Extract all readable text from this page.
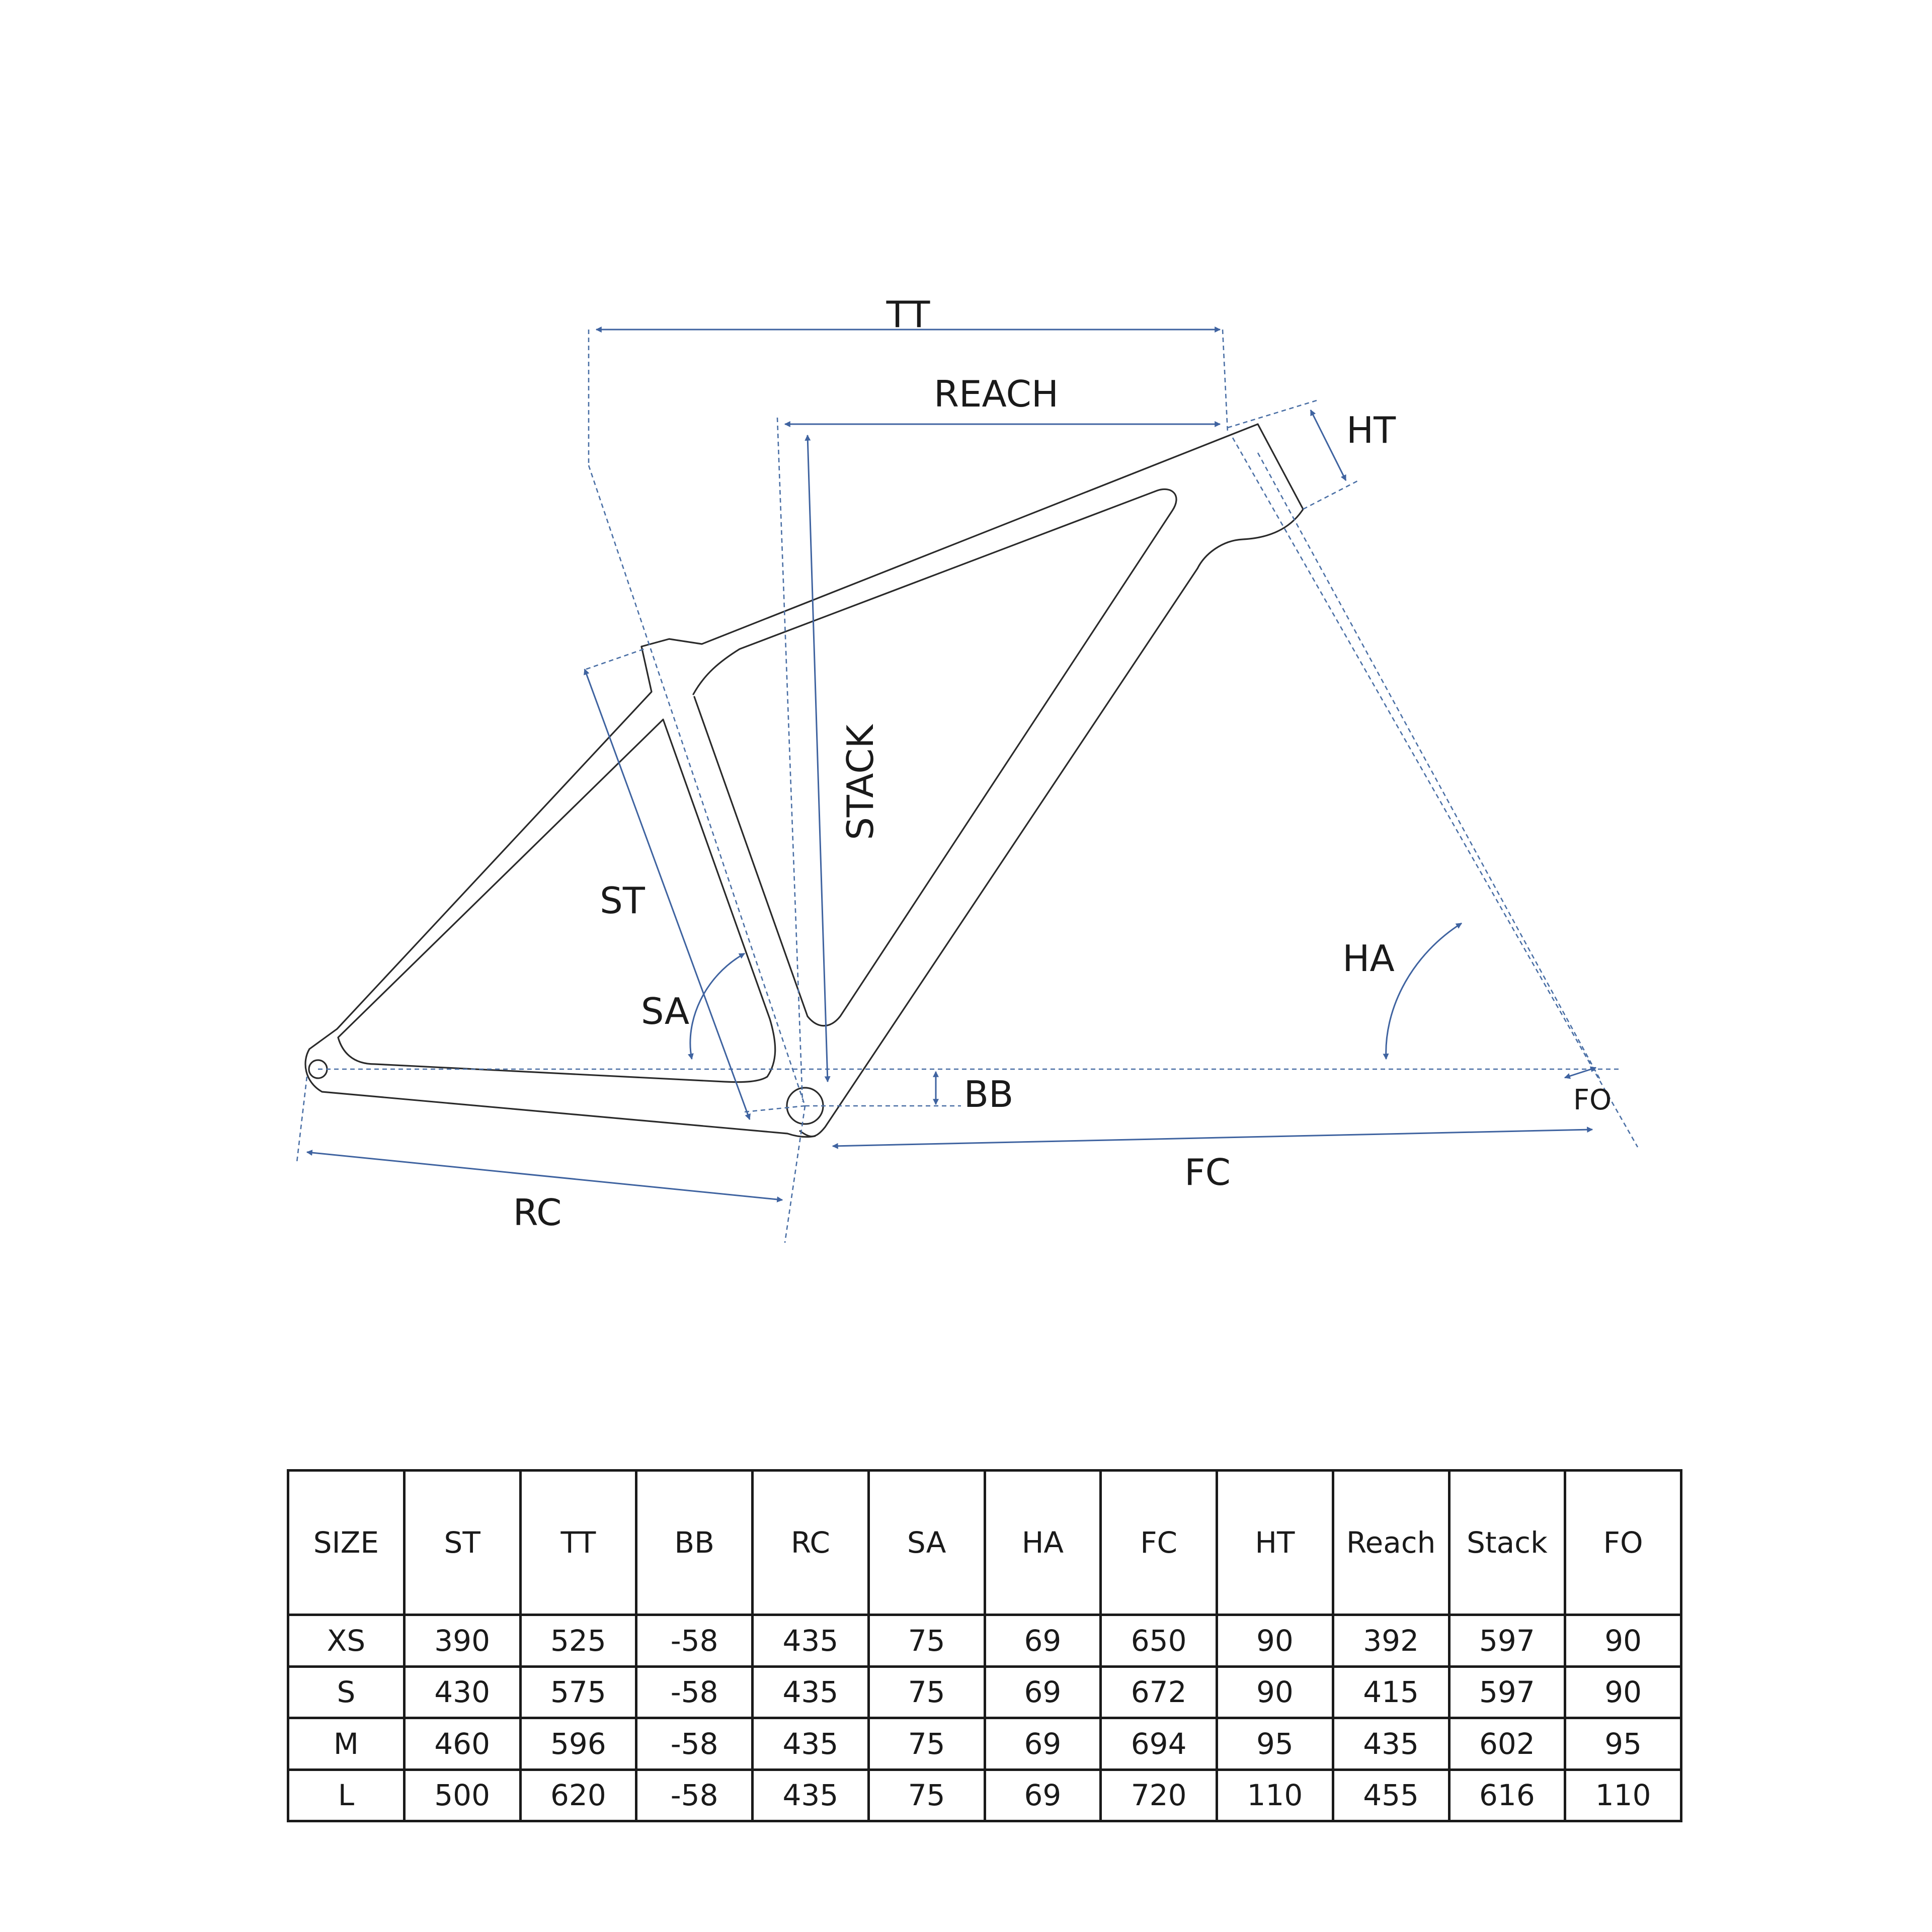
TT
REACH
HT
STACK
ST
SA
HA
BB	FO
FC
RC
SIZE	ST	TT	BB	RC	SA	HA	FC	HT	Reach	Stack	FO
XS	390	525	-58	435	75	69	650	90	392	597	90
S	430	575	-58	435	75	69	672	90	415	597	90
M	460	596	-58	435	75	69	694	95	435	602	95
L	500	620	-58	435	75	69	720	110	455	616	110
